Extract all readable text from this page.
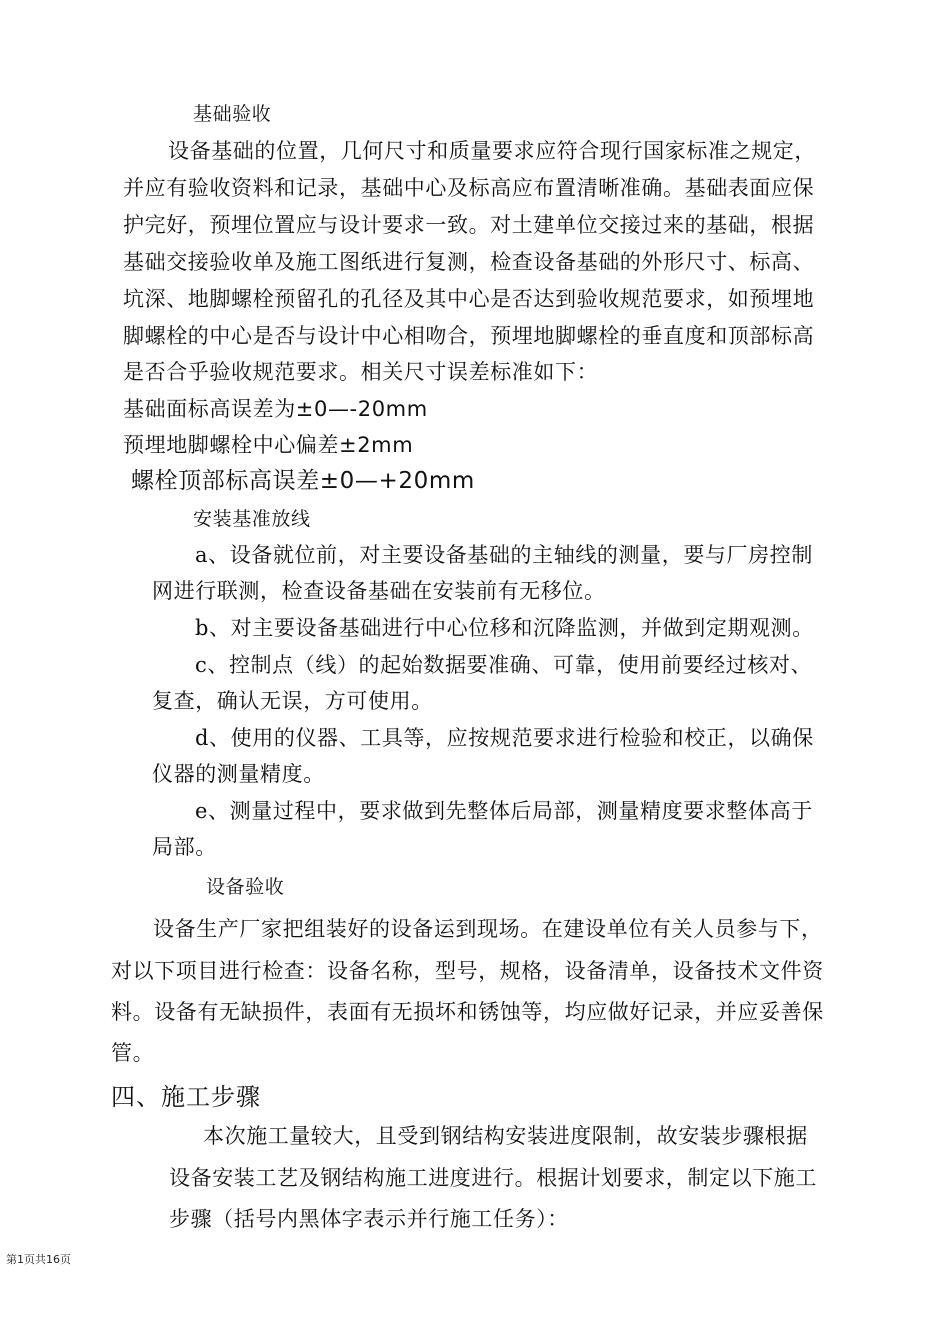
基础验收

设备基础的位置，几何尺寸和质量要求应符合现行国家标准之规定，

并应有验收资料和记录，基础中心及标高应布置清晰准确。基础表面应保

护完好，预埋位置应与设计要求一致。对土建单位交接过来的基础，根据

基础交接验收单及施工图纸进行复测，检查设备基础的外形尺寸、标高、

坑深、地脚螺栓预留孔的孔径及其中心是否达到验收规范要求，如预埋地

脚螺栓的中心是否与设计中心相吻合，预埋地脚螺栓的垂直度和顶部标高

是否合乎验收规范要求。相关尺寸误差标准如下：

基础面标高误差为±0—-20mm

预埋地脚螺栓中心偏差±2mm

螺栓顶部标高误差±0—+20mm

安装基准放线

a、设备就位前，对主要设备基础的主轴线的测量，要与厂房控制

网进行联测，检查设备基础在安装前有无移位。

b、对主要设备基础进行中心位移和沉降监测，并做到定期观测。

c、控制点（线）的起始数据要准确、可靠，使用前要经过核对、

复查，确认无误，方可使用。

d、使用的仪器、工具等，应按规范要求进行检验和校正，以确保

仪器的测量精度。

e、测量过程中，要求做到先整体后局部，测量精度要求整体高于

局部。

设备验收

设备生产厂家把组装好的设备运到现场。在建设单位有关人员参与下，

对以下项目进行检查：设备名称，型号，规格，设备清单，设备技术文件资

料。设备有无缺损件，表面有无损坏和锈蚀等，均应做好记录，并应妥善保

管。

四、施工步骤

本次施工量较大，且受到钢结构安装进度限制，故安装步骤根据

设备安装工艺及钢结构施工进度进行。根据计划要求，制定以下施工

步骤（括号内黑体字表示并行施工任务）：

第1页共16页
